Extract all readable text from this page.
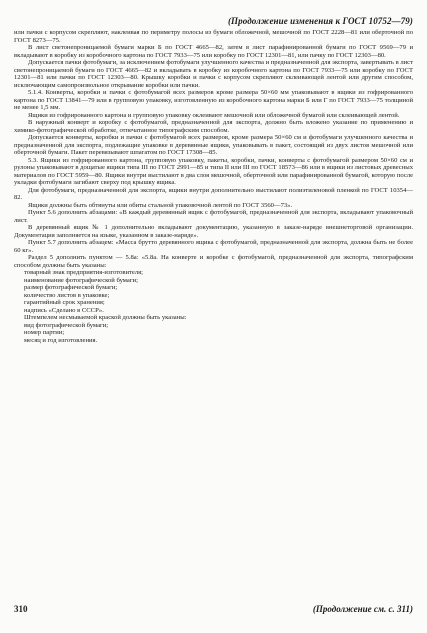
(Продолжение изменения к ГОСТ 10752—79)

или пачки с корпусом скрепляют, наклеивая по периметру полосы из бумаги обложечной, мешочной по ГОСТ 2228—81 или оберточной по ГОСТ 8273—75.

В лист светонепроницаемой бумаги марки Б по ГОСТ 4665—82, затем в лист парафинированной бумаги по ГОСТ 9569—79 и вкладывают в коробку из коробочного картона по ГОСТ 7933—75 или коробку по ГОСТ 12301—81, или пачку по ГОСТ 12303—80.

Допускается пачки фотобумаги, за исключением фотобумаги улучшенного качества и предназначенной для экспорта, завертывать в лист светонепроницаемой бумаги по ГОСТ 4665—82 и вкладывать в коробку из коробочного картона по ГОСТ 7933—75 или коробку по ГОСТ 12301—81 или пачки по ГОСТ 12303—80. Крышку коробки и пачки с корпусом скрепляют склеивающей лентой или другим способом, исключающим самопроизвольное открывание коробки или пачки.

5.1.4. Конверты, коробки и пачки с фотобумагой всех размеров кроме размера 50×60 мм упаковывают в ящики из гофрированного картона по ГОСТ 13841—79 или в групповую упаковку, изготовленную из коробочного картона марки Б или Г по ГОСТ 7933—75 толщиной не менее 1,5 мм.

Ящики из гофрированного картона и групповую упаковку оклеивают мешочной или обложечной бумагой или склеивающей лентой.

В наружный конверт и коробку с фотобумагой, предназначенной для экспорта, должно быть вложено указание по применению и химико-фотографической обработке, отпечатанное типографским способом.

Допускается конверты, коробки и пачки с фотобумагой всех размеров, кроме размера 50×60 см и фотобумаги улучшенного качества и предназначенной для экспорта, подлежащие упаковке в деревянные ящики, упаковывать в пакет, состоящий из двух листов мешочной или оберточной бумаги. Пакет перевязывают шпагатом по ГОСТ 17308—85.

5.3. Ящики из гофрированного картона, групповую упаковку, пакеты, коробки, пачки, конверты с фотобумагой размером 50×60 см и рулоны упаковывают в дощатые ящики типа III по ГОСТ 2991—85 и типа II или III по ГОСТ 18573—86 или в ящики из листовых древесных материалов по ГОСТ 5959—80. Ящики внутри выстилают в два слоя мешочной, оберточной или парафинированной бумагой, которую после укладки фотобумаги загибают сверху под крышку ящика.

Для фотобумаги, предназначенной для экспорта, ящики внутри дополнительно выстилают полиэтиленовой пленкой по ГОСТ 10354—82.

Ящики должны быть обтянуты или обиты стальной упаковочной лентой по ГОСТ 3560—73».

Пункт 5.6 дополнить абзацами: «В каждый деревянный ящик с фотобумагой, предназначенной для экспорта, вкладывают упаковочный лист.

В деревянный ящик № 1 дополнительно вкладывают документацию, указанную в заказе-наряде внешнеторговой организации. Документация заполняется на языке, указанном в заказе-наряде».

Пункт 5.7 дополнить абзацем: «Масса брутто деревянного ящика с фотобумагой, предназначенной для экспорта, должна быть не более 60 кг».

Раздел 5 дополнить пунктом — 5.8а: «5.8а. На конверте и коробке с фотобумагой, предназначенной для экспорта, типографским способом должны быть указаны:

товарный знак предприятия-изготовителя;

наименование фотографической бумаги;

размер фотографической бумаги;

количество листов в упаковке;

гарантийный срок хранения;

надпись «Сделано в СССР».

Штемпелем несмываемой краской должны быть указаны:

вид фотографической бумаги;

номер партии;

месяц и год изготовления.

310	(Продолжение см. с. 311)
